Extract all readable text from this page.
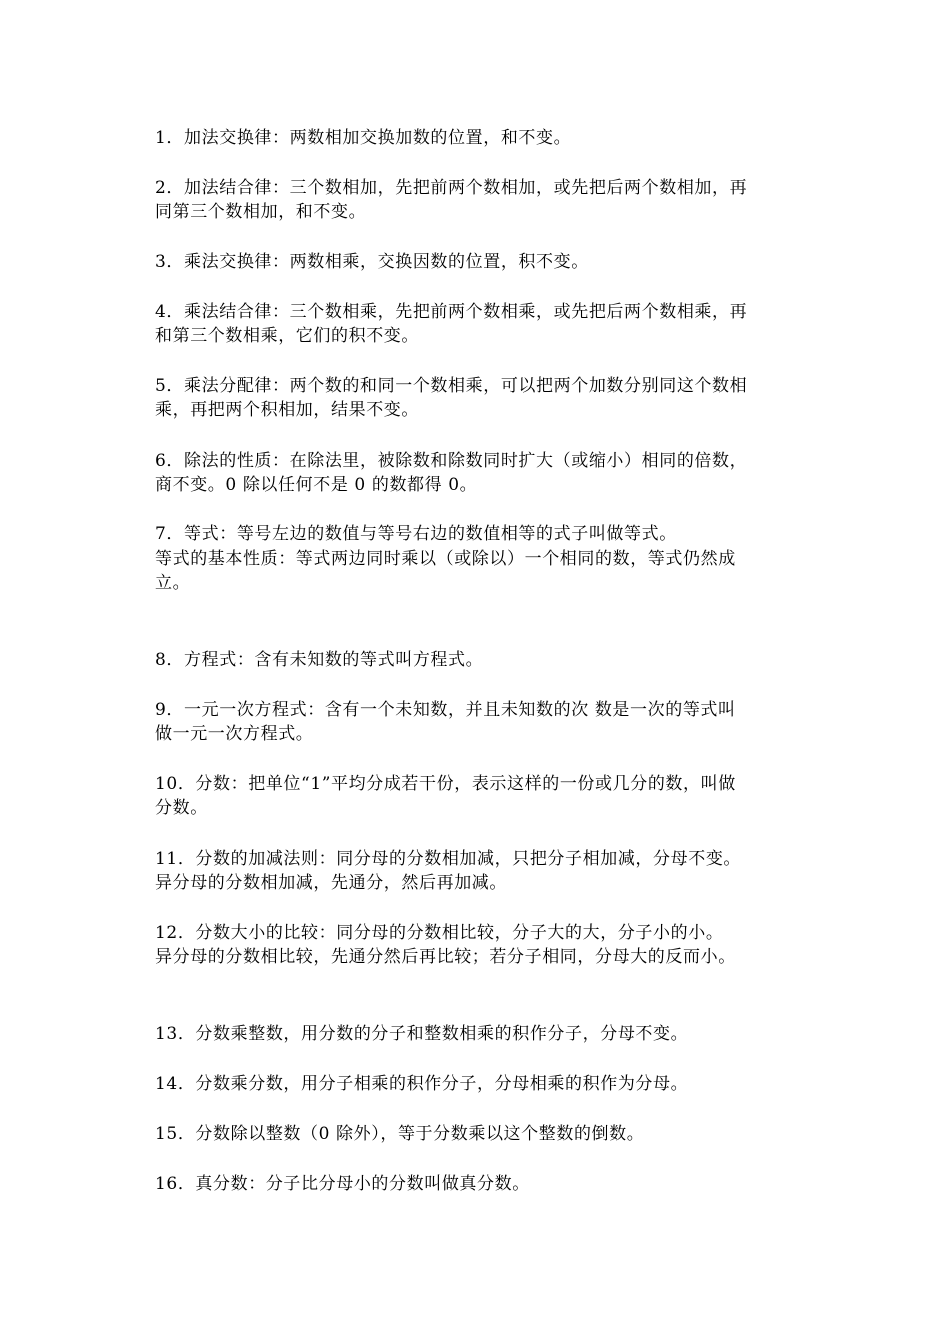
1．加法交换律：两数相加交换加数的位置，和不变。
2．加法结合律：三个数相加，先把前两个数相加，或先把后两个数相加，再
同第三个数相加，和不变。
3．乘法交换律：两数相乘，交换因数的位置，积不变。
4．乘法结合律：三个数相乘，先把前两个数相乘，或先把后两个数相乘，再
和第三个数相乘，它们的积不变。
5．乘法分配律：两个数的和同一个数相乘，可以把两个加数分别同这个数相
乘，再把两个积相加，结果不变。
6．除法的性质：在除法里，被除数和除数同时扩大（或缩小）相同的倍数，
商不变。0 除以任何不是 0 的数都得 0。
7．等式：等号左边的数值与等号右边的数值相等的式子叫做等式。
等式的基本性质：等式两边同时乘以（或除以）一个相同的数，等式仍然成
立。
8．方程式：含有未知数的等式叫方程式。
9．一元一次方程式：含有一个未知数，并且未知数的次 数是一次的等式叫
做一元一次方程式。
10．分数：把单位“1”平均分成若干份，表示这样的一份或几分的数，叫做
分数。
11．分数的加减法则：同分母的分数相加减，只把分子相加减，分母不变。
异分母的分数相加减，先通分，然后再加减。
12．分数大小的比较：同分母的分数相比较，分子大的大，分子小的小。
异分母的分数相比较，先通分然后再比较；若分子相同，分母大的反而小。
13．分数乘整数，用分数的分子和整数相乘的积作分子，分母不变。
14．分数乘分数，用分子相乘的积作分子，分母相乘的积作为分母。
15．分数除以整数（0 除外），等于分数乘以这个整数的倒数。
16．真分数：分子比分母小的分数叫做真分数。
